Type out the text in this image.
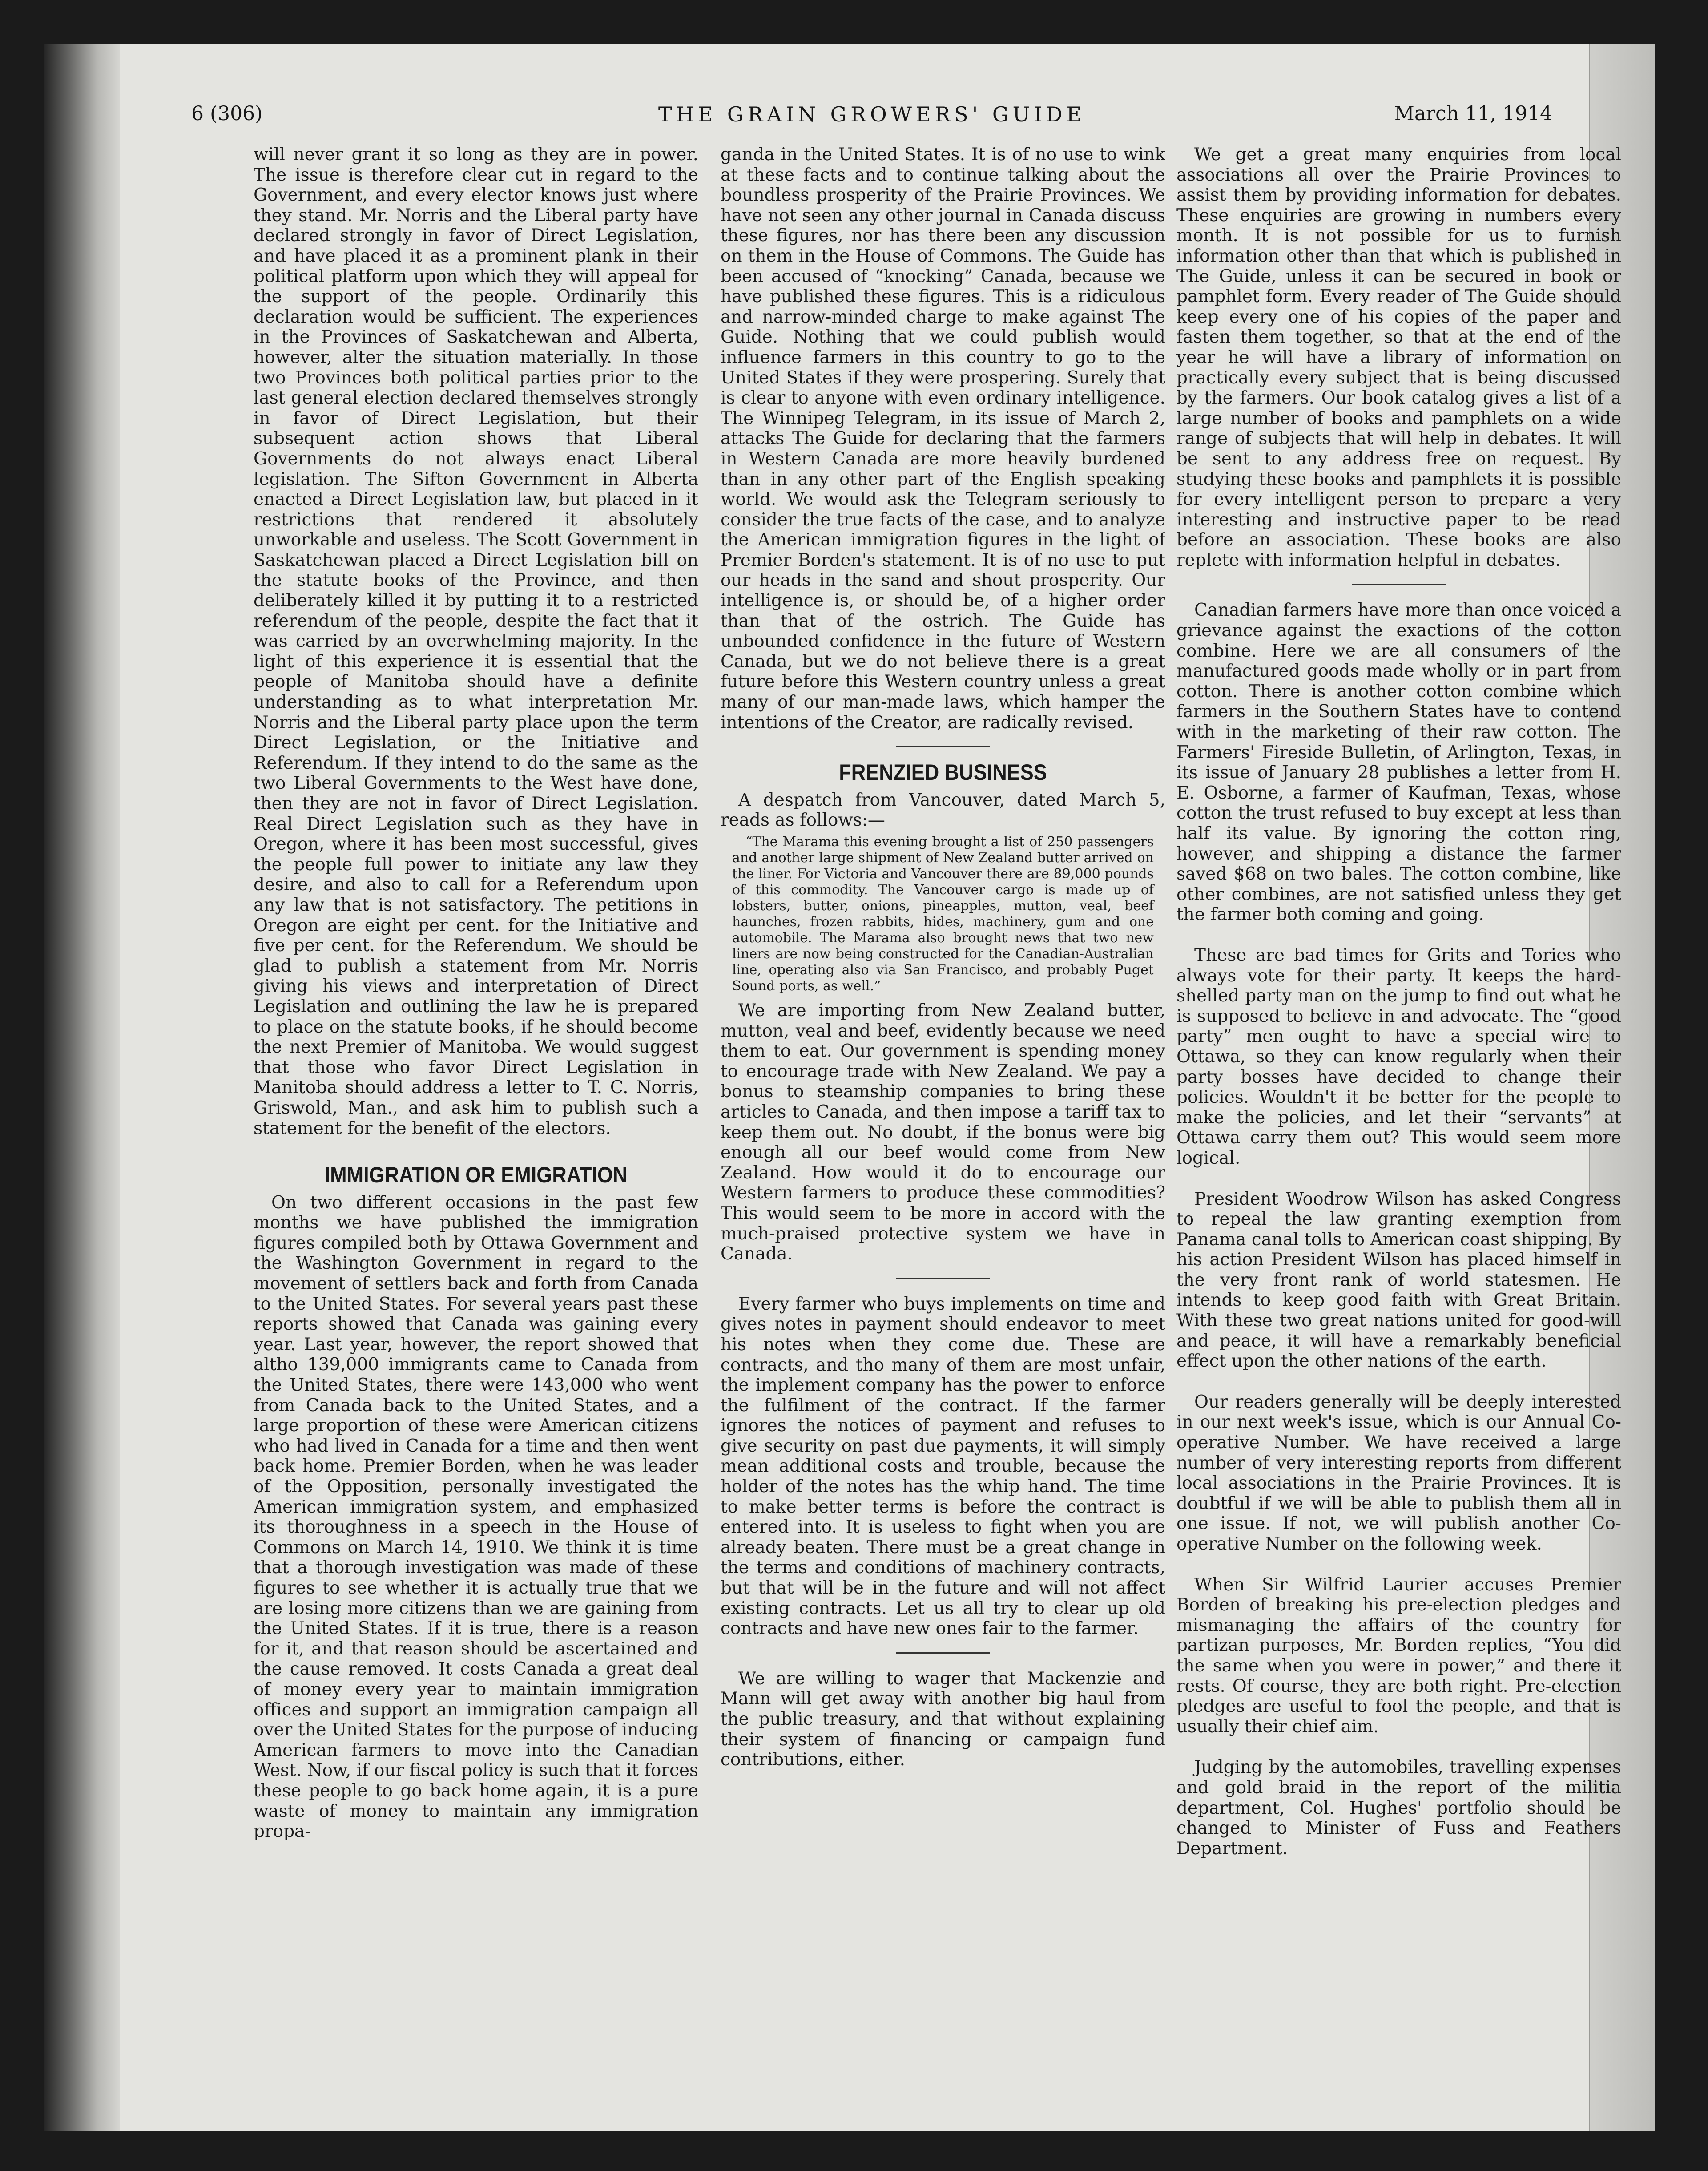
6 (306)	THE GRAIN GROWERS' GUIDE	March 11, 1914

will never grant it so long as they are in power. The issue is therefore clear cut in regard to the Government, and every elector knows just where they stand. Mr. Norris and the Liberal party have declared strongly in favor of Direct Legislation, and have placed it as a prominent plank in their political platform upon which they will appeal for the support of the people. Ordinarily this declaration would be sufficient. The experiences in the Provinces of Saskatchewan and Alberta, however, alter the situation materially. In those two Provinces both political parties prior to the last general election declared themselves strongly in favor of Direct Legislation, but their subsequent action shows that Liberal Governments do not always enact Liberal legislation. The Sifton Government in Alberta enacted a Direct Legislation law, but placed in it restrictions that rendered it absolutely unworkable and useless. The Scott Government in Saskatchewan placed a Direct Legislation bill on the statute books of the Province, and then deliberately killed it by putting it to a restricted referendum of the people, despite the fact that it was carried by an overwhelming majority. In the light of this experience it is essential that the people of Manitoba should have a definite understanding as to what interpretation Mr. Norris and the Liberal party place upon the term Direct Legislation, or the Initiative and Referendum. If they intend to do the same as the two Liberal Governments to the West have done, then they are not in favor of Direct Legislation. Real Direct Legislation such as they have in Oregon, where it has been most successful, gives the people full power to initiate any law they desire, and also to call for a Referendum upon any law that is not satisfactory. The petitions in Oregon are eight per cent. for the Initiative and five per cent. for the Referendum. We should be glad to publish a statement from Mr. Norris giving his views and interpretation of Direct Legislation and outlining the law he is prepared to place on the statute books, if he should become the next Premier of Manitoba. We would suggest that those who favor Direct Legislation in Manitoba should address a letter to T. C. Norris, Griswold, Man., and ask him to publish such a statement for the benefit of the electors.

IMMIGRATION OR EMIGRATION

On two different occasions in the past few months we have published the immigration figures compiled both by Ottawa Government and the Washington Government in regard to the movement of settlers back and forth from Canada to the United States. For several years past these reports showed that Canada was gaining every year. Last year, however, the report showed that altho 139,000 immigrants came to Canada from the United States, there were 143,000 who went from Canada back to the United States, and a large proportion of these were American citizens who had lived in Canada for a time and then went back home. Premier Borden, when he was leader of the Opposition, personally investigated the American immigration system, and emphasized its thoroughness in a speech in the House of Commons on March 14, 1910. We think it is time that a thorough investigation was made of these figures to see whether it is actually true that we are losing more citizens than we are gaining from the United States. If it is true, there is a reason for it, and that reason should be ascertained and the cause removed. It costs Canada a great deal of money every year to maintain immigration offices and support an immigration campaign all over the United States for the purpose of inducing American farmers to move into the Canadian West. Now, if our fiscal policy is such that it forces these people to go back home again, it is a pure waste of money to maintain any immigration propa-

ganda in the United States. It is of no use to wink at these facts and to continue talking about the boundless prosperity of the Prairie Provinces. We have not seen any other journal in Canada discuss these figures, nor has there been any discussion on them in the House of Commons. The Guide has been accused of “knocking” Canada, because we have published these figures. This is a ridiculous and narrow-minded charge to make against The Guide. Nothing that we could publish would influence farmers in this country to go to the United States if they were prospering. Surely that is clear to anyone with even ordinary intelligence. The Winnipeg Telegram, in its issue of March 2, attacks The Guide for declaring that the farmers in Western Canada are more heavily burdened than in any other part of the English speaking world. We would ask the Telegram seriously to consider the true facts of the case, and to analyze the American immigration figures in the light of Premier Borden's statement. It is of no use to put our heads in the sand and shout prosperity. Our intelligence is, or should be, of a higher order than that of the ostrich. The Guide has unbounded confidence in the future of Western Canada, but we do not believe there is a great future before this Western country unless a great many of our man-made laws, which hamper the intentions of the Creator, are radically revised.

FRENZIED BUSINESS

A despatch from Vancouver, dated March 5, reads as follows:—

“The Marama this evening brought a list of 250 passengers and another large shipment of New Zealand butter arrived on the liner. For Victoria and Vancouver there are 89,000 pounds of this commodity. The Vancouver cargo is made up of lobsters, butter, onions, pineapples, mutton, veal, beef haunches, frozen rabbits, hides, machinery, gum and one automobile. The Marama also brought news that two new liners are now being constructed for the Canadian-Australian line, operating also via San Francisco, and probably Puget Sound ports, as well.”

We are importing from New Zealand butter, mutton, veal and beef, evidently because we need them to eat. Our government is spending money to encourage trade with New Zealand. We pay a bonus to steamship companies to bring these articles to Canada, and then impose a tariff tax to keep them out. No doubt, if the bonus were big enough all our beef would come from New Zealand. How would it do to encourage our Western farmers to produce these commodities? This would seem to be more in accord with the much-praised protective system we have in Canada.

Every farmer who buys implements on time and gives notes in payment should endeavor to meet his notes when they come due. These are contracts, and tho many of them are most unfair, the implement company has the power to enforce the fulfilment of the contract. If the farmer ignores the notices of payment and refuses to give security on past due payments, it will simply mean additional costs and trouble, because the holder of the notes has the whip hand. The time to make better terms is before the contract is entered into. It is useless to fight when you are already beaten. There must be a great change in the terms and conditions of machinery contracts, but that will be in the future and will not affect existing contracts. Let us all try to clear up old contracts and have new ones fair to the farmer.

We are willing to wager that Mackenzie and Mann will get away with another big haul from the public treasury, and that without explaining their system of financing or campaign fund contributions, either.

We get a great many enquiries from local associations all over the Prairie Provinces to assist them by providing information for debates. These enquiries are growing in numbers every month. It is not possible for us to furnish information other than that which is published in The Guide, unless it can be secured in book or pamphlet form. Every reader of The Guide should keep every one of his copies of the paper and fasten them together, so that at the end of the year he will have a library of information on practically every subject that is being discussed by the farmers. Our book catalog gives a list of a large number of books and pamphlets on a wide range of subjects that will help in debates. It will be sent to any address free on request. By studying these books and pamphlets it is possible for every intelligent person to prepare a very interesting and instructive paper to be read before an association. These books are also replete with information helpful in debates.

Canadian farmers have more than once voiced a grievance against the exactions of the cotton combine. Here we are all consumers of the manufactured goods made wholly or in part from cotton. There is another cotton combine which farmers in the Southern States have to contend with in the marketing of their raw cotton. The Farmers' Fireside Bulletin, of Arlington, Texas, in its issue of January 28 publishes a letter from H. E. Osborne, a farmer of Kaufman, Texas, whose cotton the trust refused to buy except at less than half its value. By ignoring the cotton ring, however, and shipping a distance the farmer saved $68 on two bales. The cotton combine, like other combines, are not satisfied unless they get the farmer both coming and going.

These are bad times for Grits and Tories who always vote for their party. It keeps the hard-shelled party man on the jump to find out what he is supposed to believe in and advocate. The “good party” men ought to have a special wire to Ottawa, so they can know regularly when their party bosses have decided to change their policies. Wouldn't it be better for the people to make the policies, and let their “servants” at Ottawa carry them out? This would seem more logical.

President Woodrow Wilson has asked Congress to repeal the law granting exemption from Panama canal tolls to American coast shipping. By his action President Wilson has placed himself in the very front rank of world statesmen. He intends to keep good faith with Great Britain. With these two great nations united for good-will and peace, it will have a remarkably beneficial effect upon the other nations of the earth.

Our readers generally will be deeply interested in our next week's issue, which is our Annual Co-operative Number. We have received a large number of very interesting reports from different local associations in the Prairie Provinces. It is doubtful if we will be able to publish them all in one issue. If not, we will publish another Co-operative Number on the following week.

When Sir Wilfrid Laurier accuses Premier Borden of breaking his pre-election pledges and mismanaging the affairs of the country for partizan purposes, Mr. Borden replies, “You did the same when you were in power,” and there it rests. Of course, they are both right. Pre-election pledges are useful to fool the people, and that is usually their chief aim.

Judging by the automobiles, travelling expenses and gold braid in the report of the militia department, Col. Hughes' portfolio should be changed to Minister of Fuss and Feathers Department.
